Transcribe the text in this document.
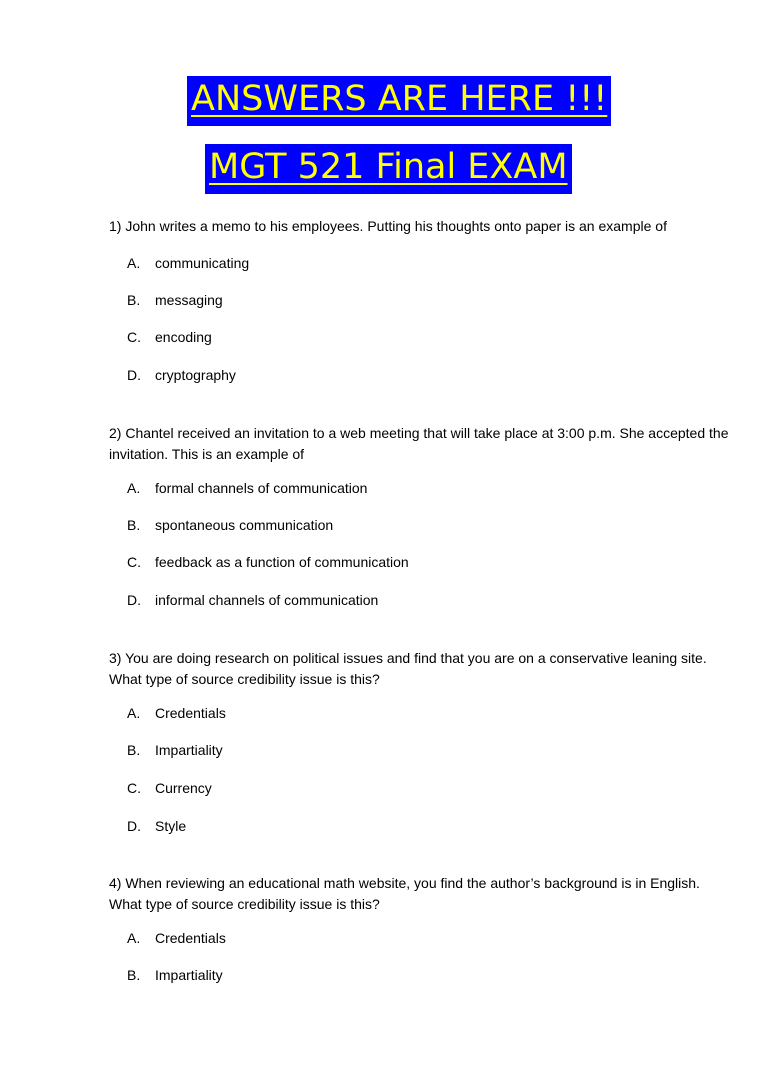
ANSWERS ARE HERE !!!
MGT 521 Final EXAM
1) John writes a memo to his employees. Putting his thoughts onto paper is an example of
A. communicating
B. messaging
C. encoding
D. cryptography
2) Chantel received an invitation to a web meeting that will take place at 3:00 p.m. She accepted the invitation. This is an example of
A. formal channels of communication
B. spontaneous communication
C. feedback as a function of communication
D. informal channels of communication
3) You are doing research on political issues and find that you are on a conservative leaning site. What type of source credibility issue is this?
A. Credentials
B. Impartiality
C. Currency
D. Style
4) When reviewing an educational math website, you find the author’s background is in English. What type of source credibility issue is this?
A. Credentials
B. Impartiality
